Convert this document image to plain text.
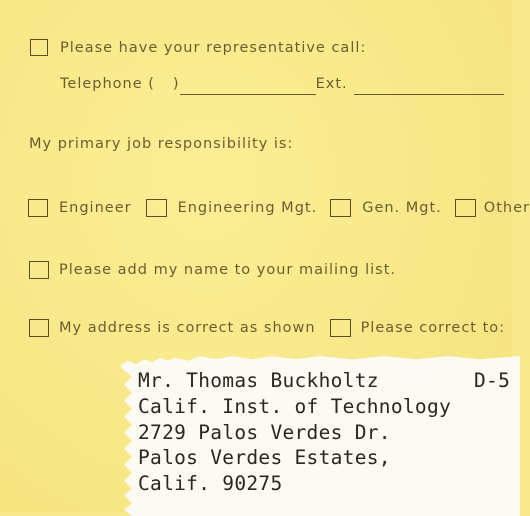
Please have your representative call:
Telephone ( )	Ext.
My primary job responsibility is:
Engineer	Engineering Mgt.	Gen. Mgt.	Other
Please add my name to your mailing list.
My address is correct as shown	Please correct to:
Mr. Thomas Buckholtz	D-5
Calif. Inst. of Technology
2729 Palos Verdes Dr.
Palos Verdes Estates,
Calif. 90275
